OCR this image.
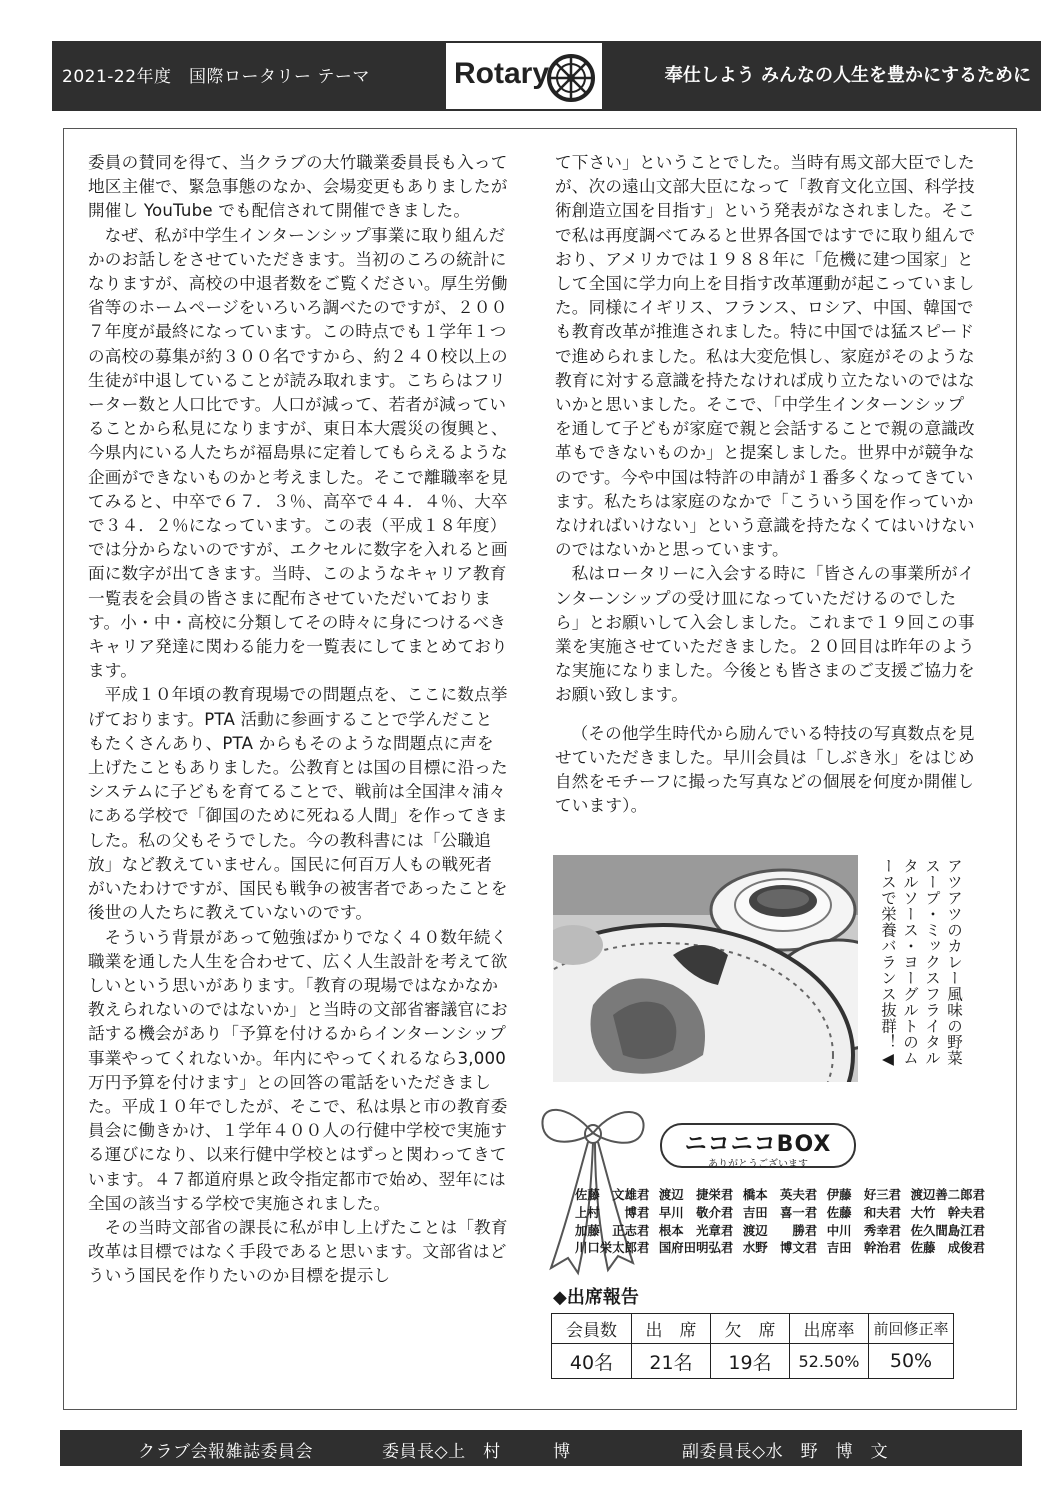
2021-22年度　国際ロータリー テーマ	Rotary	奉仕しよう みんなの人生を豊かにするために

委員の賛同を得て、当クラブの大竹職業委員長も入って地区主催で、緊急事態のなか、会場変更もありましたが開催し YouTube でも配信されて開催できました。

なぜ、私が中学生インターンシップ事業に取り組んだかのお話しをさせていただきます。当初のころの統計になりますが、高校の中退者数をご覧ください。厚生労働省等のホームページをいろいろ調べたのですが、２００７年度が最終になっています。この時点でも１学年１つの高校の募集が約３００名ですから、約２４０校以上の生徒が中退していることが読み取れます。こちらはフリーター数と人口比です。人口が減って、若者が減っていることから私見になりますが、東日本大震災の復興と、今県内にいる人たちが福島県に定着してもらえるような企画ができないものかと考えました。そこで離職率を見てみると、中卒で６７．３％、高卒で４４．４％、大卒で３４．２％になっています。この表（平成１８年度）では分からないのですが、エクセルに数字を入れると画面に数字が出てきます。当時、このようなキャリア教育一覧表を会員の皆さまに配布させていただいております。小・中・高校に分類してその時々に身につけるべきキャリア発達に関わる能力を一覧表にしてまとめております。

平成１０年頃の教育現場での問題点を、ここに数点挙げております。PTA 活動に参画することで学んだこともたくさんあり、PTA からもそのような問題点に声を上げたこともありました。公教育とは国の目標に沿ったシステムに子どもを育てることで、戦前は全国津々浦々にある学校で「御国のために死ねる人間」を作ってきました。私の父もそうでした。今の教科書には「公職追放」など教えていません。国民に何百万人もの戦死者がいたわけですが、国民も戦争の被害者であったことを後世の人たちに教えていないのです。

そういう背景があって勉強ばかりでなく４０数年続く職業を通した人生を合わせて、広く人生設計を考えて欲しいという思いがあります。「教育の現場ではなかなか教えられないのではないか」と当時の文部省審議官にお話する機会があり「予算を付けるからインターンシップ事業やってくれないか。年内にやってくれるなら3,000万円予算を付けます」との回答の電話をいただきました。平成１０年でしたが、そこで、私は県と市の教育委員会に働きかけ、１学年４００人の行健中学校で実施する運びになり、以来行健中学校とはずっと関わってきています。４７都道府県と政令指定都市で始め、翌年には全国の該当する学校で実施されました。

その当時文部省の課長に私が申し上げたことは「教育改革は目標ではなく手段であると思います。文部省はどういう国民を作りたいのか目標を提示し

て下さい」ということでした。当時有馬文部大臣でしたが、次の遠山文部大臣になって「教育文化立国、科学技術創造立国を目指す」という発表がなされました。そこで私は再度調べてみると世界各国ではすでに取り組んでおり、アメリカでは１９８８年に「危機に建つ国家」として全国に学力向上を目指す改革運動が起こっていました。同様にイギリス、フランス、ロシア、中国、韓国でも教育改革が推進されました。特に中国では猛スピードで進められました。私は大変危惧し、家庭がそのような教育に対する意識を持たなければ成り立たないのではないかと思いました。そこで、「中学生インターンシップを通して子どもが家庭で親と会話することで親の意識改革もできないものか」と提案しました。世界中が競争なのです。今や中国は特許の申請が１番多くなってきています。私たちは家庭のなかで「こういう国を作っていかなければいけない」という意識を持たなくてはいけないのではないかと思っています。

私はロータリーに入会する時に「皆さんの事業所がインターンシップの受け皿になっていただけるのでしたら」とお願いして入会しました。これまで１９回この事業を実施させていただきました。２０回目は昨年のような実施になりました。今後とも皆さまのご支援ご協力をお願い致します。

（その他学生時代から励んでいる特技の写真数点を見せていただきました。早川会員は「しぶき氷」をはじめ自然をモチーフに撮った写真などの個展を何度か開催しています）。

アツアツのカレー風味の野菜スープ・ミックスフライタルタルソース・ヨーグルトのムースで栄養バランス抜群！◀
ニコニコBOX
ありがとうございます
佐藤　文雄君 渡辺　捷栄君 橋本　英夫君 伊藤　好三君 渡辺善二郎君
上村　　博君 早川　敬介君 吉田　喜一君 佐藤　和夫君 大竹　幹夫君
加藤　正志君 根本　光章君 渡辺　　勝君 中川　秀幸君 佐久間島江君
川口栄太郎君 国府田明弘君 水野　博文君 吉田　幹治君 佐藤　成俊君
◆出席報告
会員数	出　席	欠　席	出席率	前回修正率
40名	21名	19名	52.50%	50%
クラブ会報雑誌委員会	委員長◇上　村　　　博	副委員長◇水　野　博　文
